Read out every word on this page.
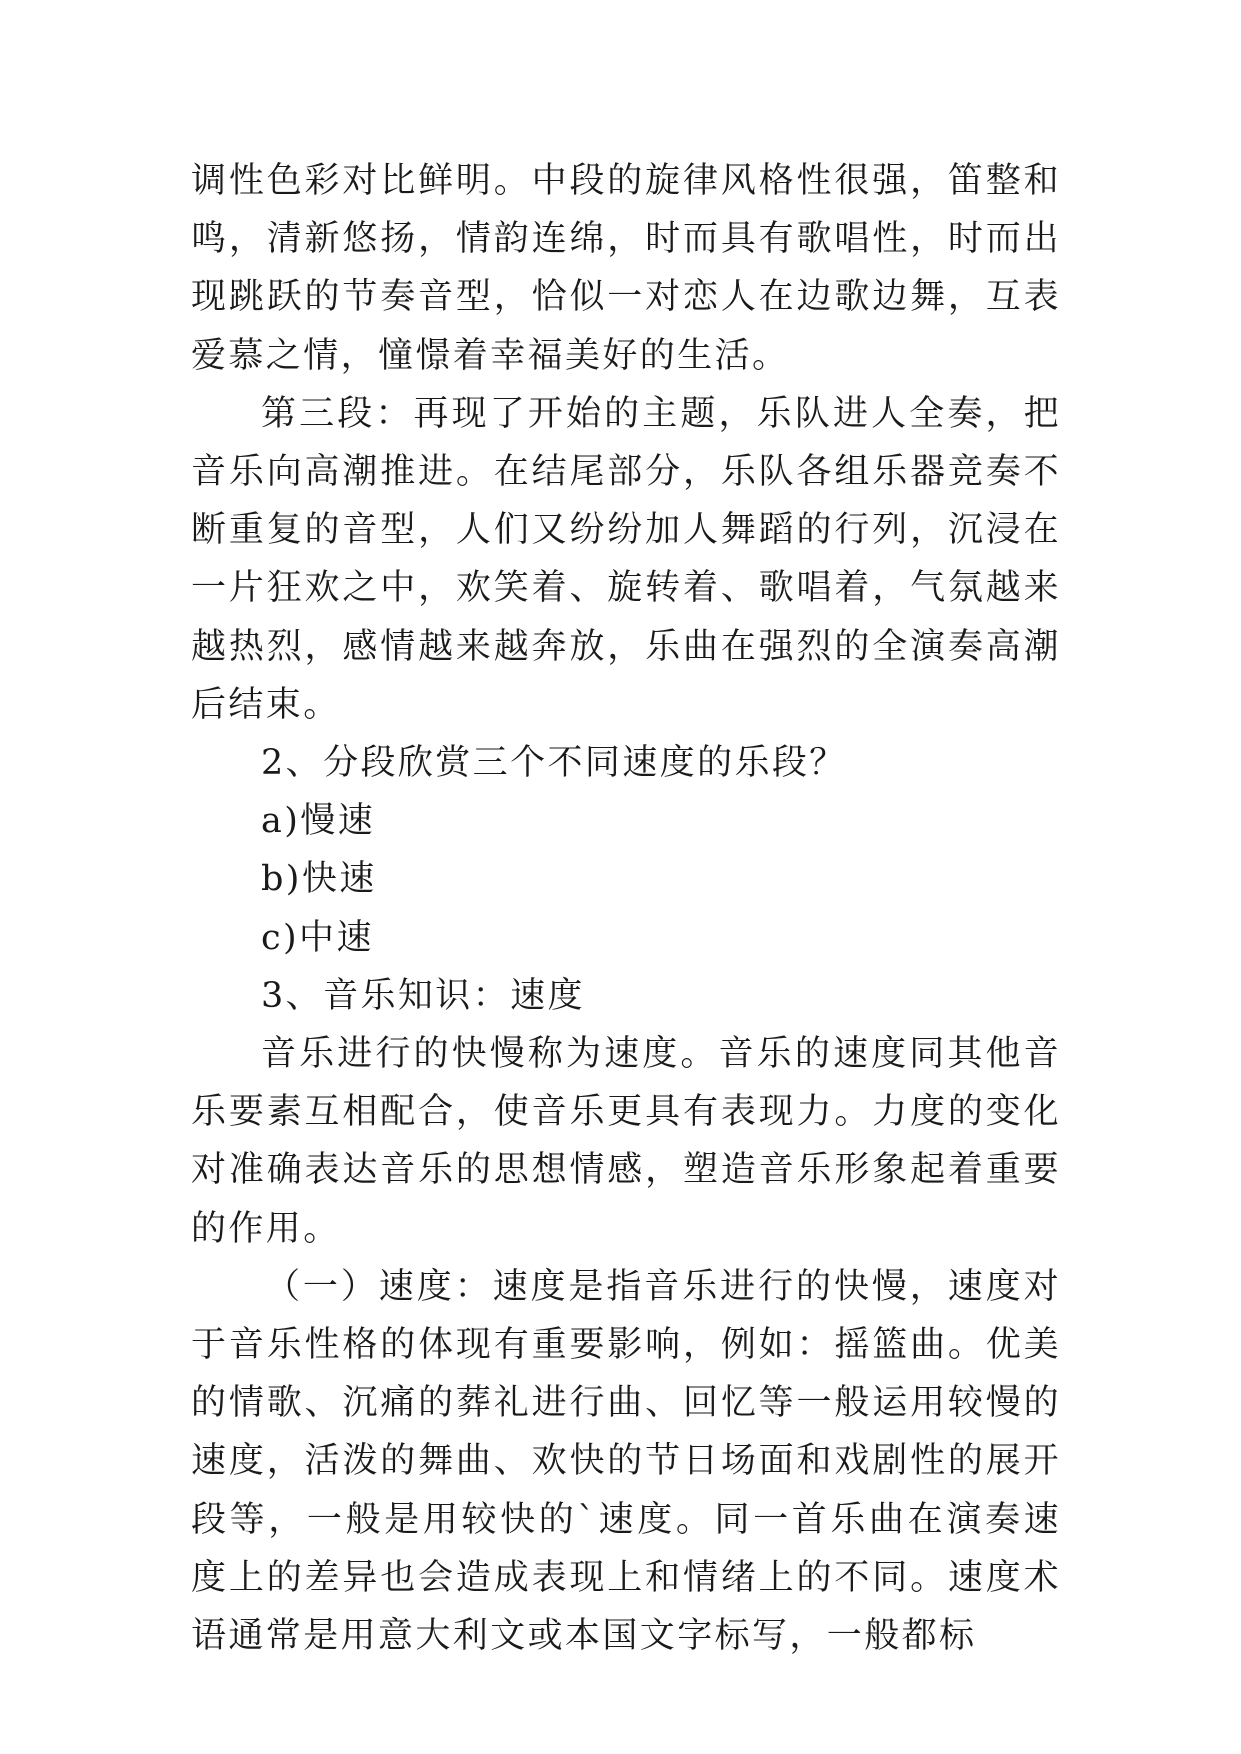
调性色彩对比鲜明。中段的旋律风格性很强，笛整和鸣，清新悠扬，情韵连绵，时而具有歌唱性，时而出现跳跃的节奏音型，恰似一对恋人在边歌边舞，互表爱慕之情，憧憬着幸福美好的生活。

第三段：再现了开始的主题，乐队进人全奏，把音乐向高潮推进。在结尾部分，乐队各组乐器竞奏不断重复的音型，人们又纷纷加人舞蹈的行列，沉浸在一片狂欢之中，欢笑着、旋转着、歌唱着，气氛越来越热烈，感情越来越奔放，乐曲在强烈的全演奏高潮后结束。

2、分段欣赏三个不同速度的乐段？

a)慢速

b)快速

c)中速

3、音乐知识：速度

音乐进行的快慢称为速度。音乐的速度同其他音乐要素互相配合，使音乐更具有表现力。力度的变化对准确表达音乐的思想情感，塑造音乐形象起着重要的作用。

（一）速度：速度是指音乐进行的快慢，速度对于音乐性格的体现有重要影响，例如：摇篮曲。优美的情歌、沉痛的葬礼进行曲、回忆等一般运用较慢的速度，活泼的舞曲、欢快的节日场面和戏剧性的展开段等，一般是用较快的`速度。同一首乐曲在演奏速度上的差异也会造成表现上和情绪上的不同。速度术语通常是用意大利文或本国文字标写，一般都标
